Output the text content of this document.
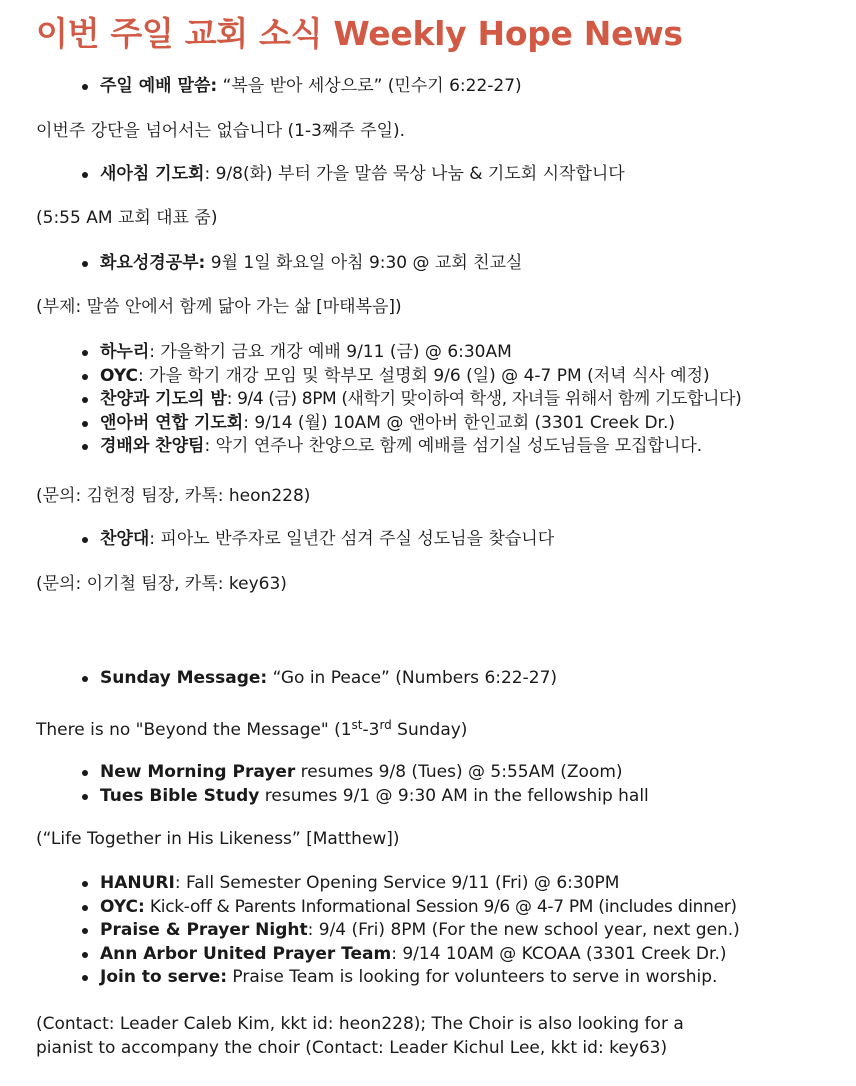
이번 주일 교회 소식 Weekly Hope News
주일 예배 말씀: “복을 받아 세상으로” (민수기 6:22-27)

이번주 강단을 넘어서는 없습니다 (1-3째주 주일).

새아침 기도회: 9/8(화) 부터 가을 말씀 묵상 나눔 & 기도회 시작합니다

(5:55 AM 교회 대표 줌)

화요성경공부: 9월 1일 화요일 아침 9:30 @ 교회 친교실

(부제: 말씀 안에서 함께 닮아 가는 삶 [마태복음])

하누리: 가을학기 금요 개강 예배 9/11 (금) @ 6:30AM
OYC: 가을 학기 개강 모임 및 학부모 설명회 9/6 (일) @ 4-7 PM (저녁 식사 예정)
찬양과 기도의 밤: 9/4 (금) 8PM (새학기 맞이하여 학생, 자녀들 위해서 함께 기도합니다)
앤아버 연합 기도회: 9/14 (월) 10AM @ 앤아버 한인교회 (3301 Creek Dr.)
경배와 찬양팀: 악기 연주나 찬양으로 함께 예배를 섬기실 성도님들을 모집합니다.

(문의: 김헌정 팀장, 카톡: heon228)

찬양대: 피아노 반주자로 일년간 섬겨 주실 성도님을 찾습니다

(문의: 이기철 팀장, 카톡: key63)

Sunday Message: “Go in Peace” (Numbers 6:22-27)

There is no "Beyond the Message" (1st-3rd Sunday)

New Morning Prayer resumes 9/8 (Tues) @ 5:55AM (Zoom)
Tues Bible Study resumes 9/1 @ 9:30 AM in the fellowship hall

(“Life Together in His Likeness” [Matthew])

HANURI: Fall Semester Opening Service 9/11 (Fri) @ 6:30PM
OYC: Kick-off & Parents Informational Session 9/6 @ 4-7 PM (includes dinner)
Praise & Prayer Night: 9/4 (Fri) 8PM (For the new school year, next gen.)
Ann Arbor United Prayer Team: 9/14 10AM @ KCOAA (3301 Creek Dr.)
Join to serve: Praise Team is looking for volunteers to serve in worship.

(Contact: Leader Caleb Kim, kkt id: heon228); The Choir is also looking for a

pianist to accompany the choir (Contact: Leader Kichul Lee, kkt id: key63)
